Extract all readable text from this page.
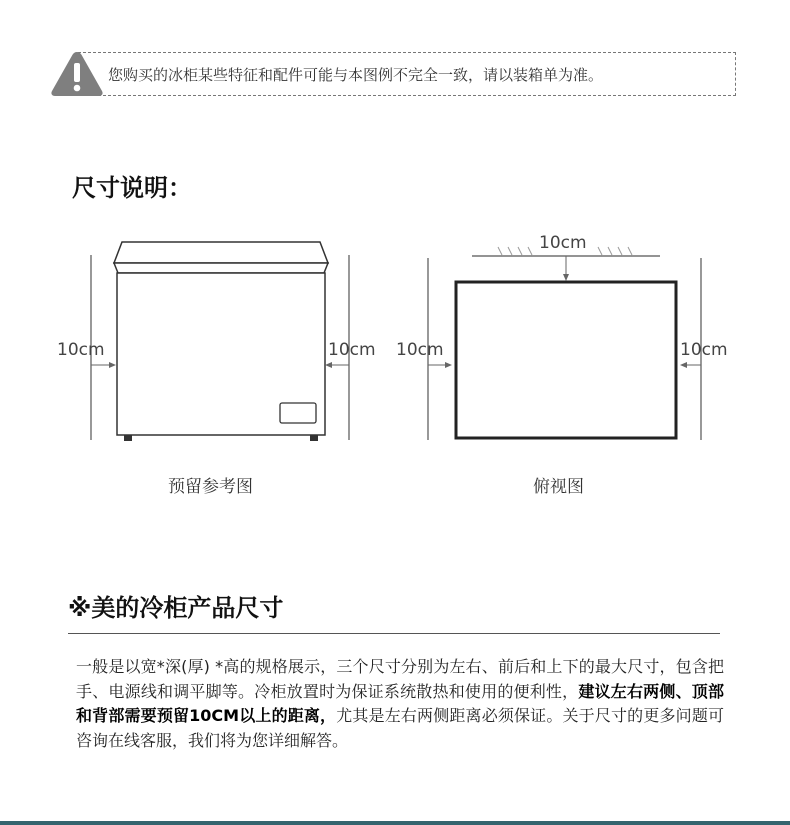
您购买的冰柜某些特征和配件可能与本图例不完全一致，请以装箱单为准。
尺寸说明：
10cm	10cm
10cm
10cm	10cm
预留参考图	俯视图
※美的冷柜产品尺寸
一般是以宽*深(厚) *高的规格展示，三个尺寸分别为左右、前后和上下的最大尺寸，包含把手、电源线和调平脚等。冷柜放置时为保证系统散热和使用的便利性，建议左右两侧、顶部和背部需要预留10CM以上的距离，尤其是左右两侧距离必须保证。关于尺寸的更多问题可咨询在线客服，我们将为您详细解答。
